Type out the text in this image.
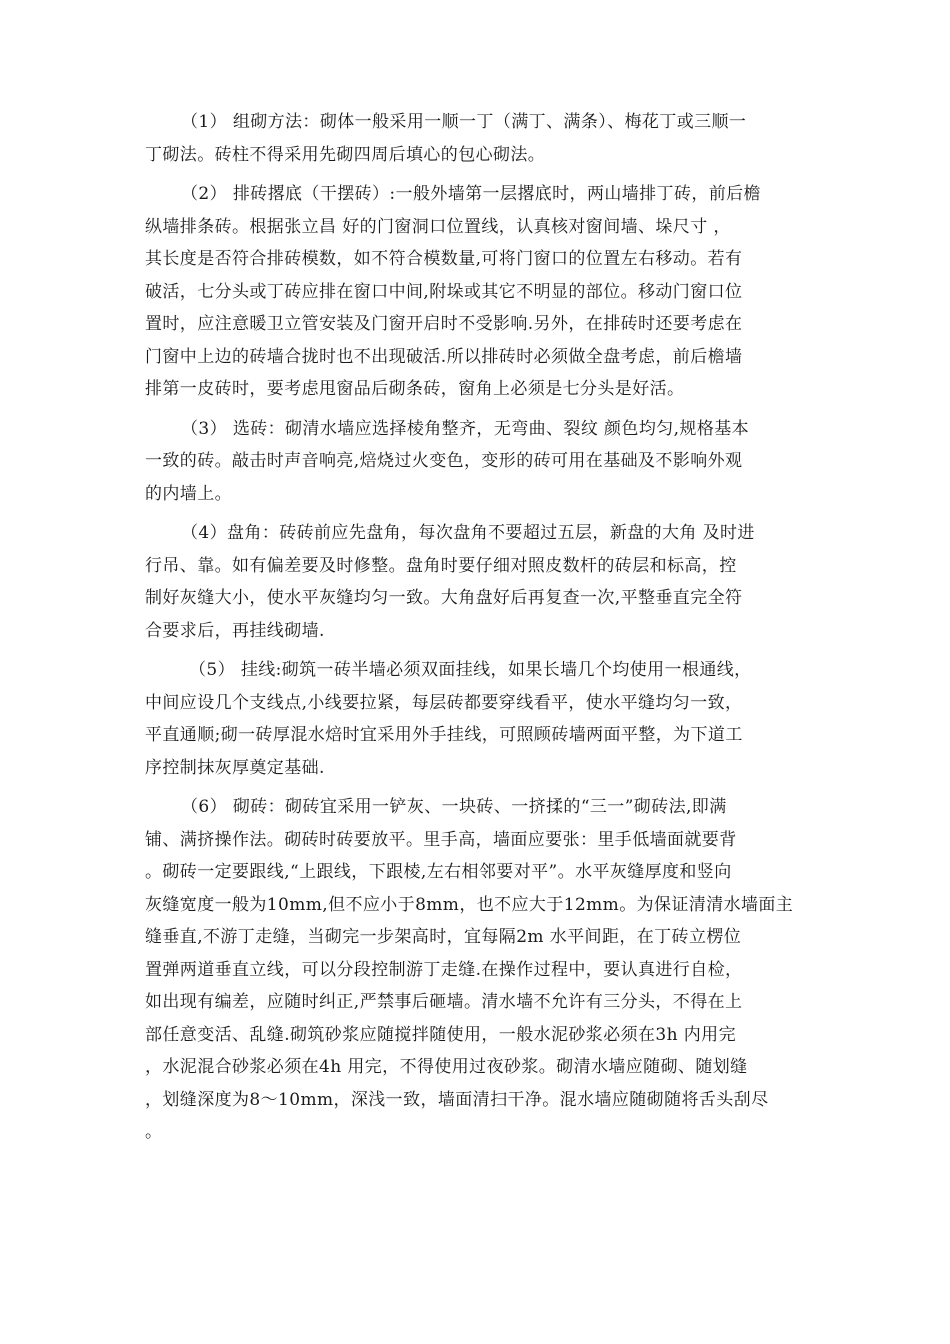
（1） 组砌方法：砌体一般采用一顺一丁（满丁、满条）、梅花丁或三顺一
丁砌法。砖柱不得采用先砌四周后填心的包心砌法。
（2） 排砖撂底（干摆砖）:一般外墙第一层撂底时，两山墙排丁砖，前后檐
纵墙排条砖。根据张立昌 好的门窗洞口位置线，认真核对窗间墙、垛尺寸 ，
其长度是否符合排砖模数，如不符合模数量,可将门窗口的位置左右移动。若有
破活，七分头或丁砖应排在窗口中间,附垛或其它不明显的部位。移动门窗口位
置时，应注意暖卫立管安装及门窗开启时不受影响.另外，在排砖时还要考虑在
门窗中上边的砖墙合拢时也不出现破活.所以排砖时必须做全盘考虑，前后檐墙
排第一皮砖时，要考虑甩窗品后砌条砖，窗角上必须是七分头是好活。
（3） 选砖：砌清水墙应选择棱角整齐，无弯曲、裂纹 颜色均匀,规格基本
一致的砖。敲击时声音响亮,焙烧过火变色，变形的砖可用在基础及不影响外观
的内墙上。
（4）盘角：砖砖前应先盘角，每次盘角不要超过五层，新盘的大角 及时进
行吊、靠。如有偏差要及时修整。盘角时要仔细对照皮数杆的砖层和标高，控
制好灰缝大小，使水平灰缝均匀一致。大角盘好后再复查一次,平整垂直完全符
合要求后，再挂线砌墙.
（5） 挂线:砌筑一砖半墙必须双面挂线，如果长墙几个均使用一根通线，
中间应设几个支线点,小线要拉紧，每层砖都要穿线看平，使水平缝均匀一致，
平直通顺;砌一砖厚混水焙时宜采用外手挂线，可照顾砖墙两面平整，为下道工
序控制抹灰厚奠定基础.
（6） 砌砖：砌砖宜采用一铲灰、一块砖、一挤揉的“三一”砌砖法,即满
铺、满挤操作法。砌砖时砖要放平。里手高，墙面应要张：里手低墙面就要背
。砌砖一定要跟线,“上跟线，下跟棱,左右相邻要对平”。水平灰缝厚度和竖向
灰缝宽度一般为10mm,但不应小于8mm，也不应大于12mm。为保证清清水墙面主
缝垂直,不游丁走缝，当砌完一步架高时，宜每隔2m 水平间距，在丁砖立楞位
置弹两道垂直立线，可以分段控制游丁走缝.在操作过程中，要认真进行自检，
如出现有编差，应随时纠正,严禁事后砸墙。清水墙不允许有三分头，不得在上
部任意变活、乱缝.砌筑砂浆应随搅拌随使用，一般水泥砂浆必须在3h 内用完
，水泥混合砂浆必须在4h 用完，不得使用过夜砂浆。砌清水墙应随砌、随划缝
，划缝深度为8～10mm，深浅一致，墙面清扫干净。混水墙应随砌随将舌头刮尽
。
